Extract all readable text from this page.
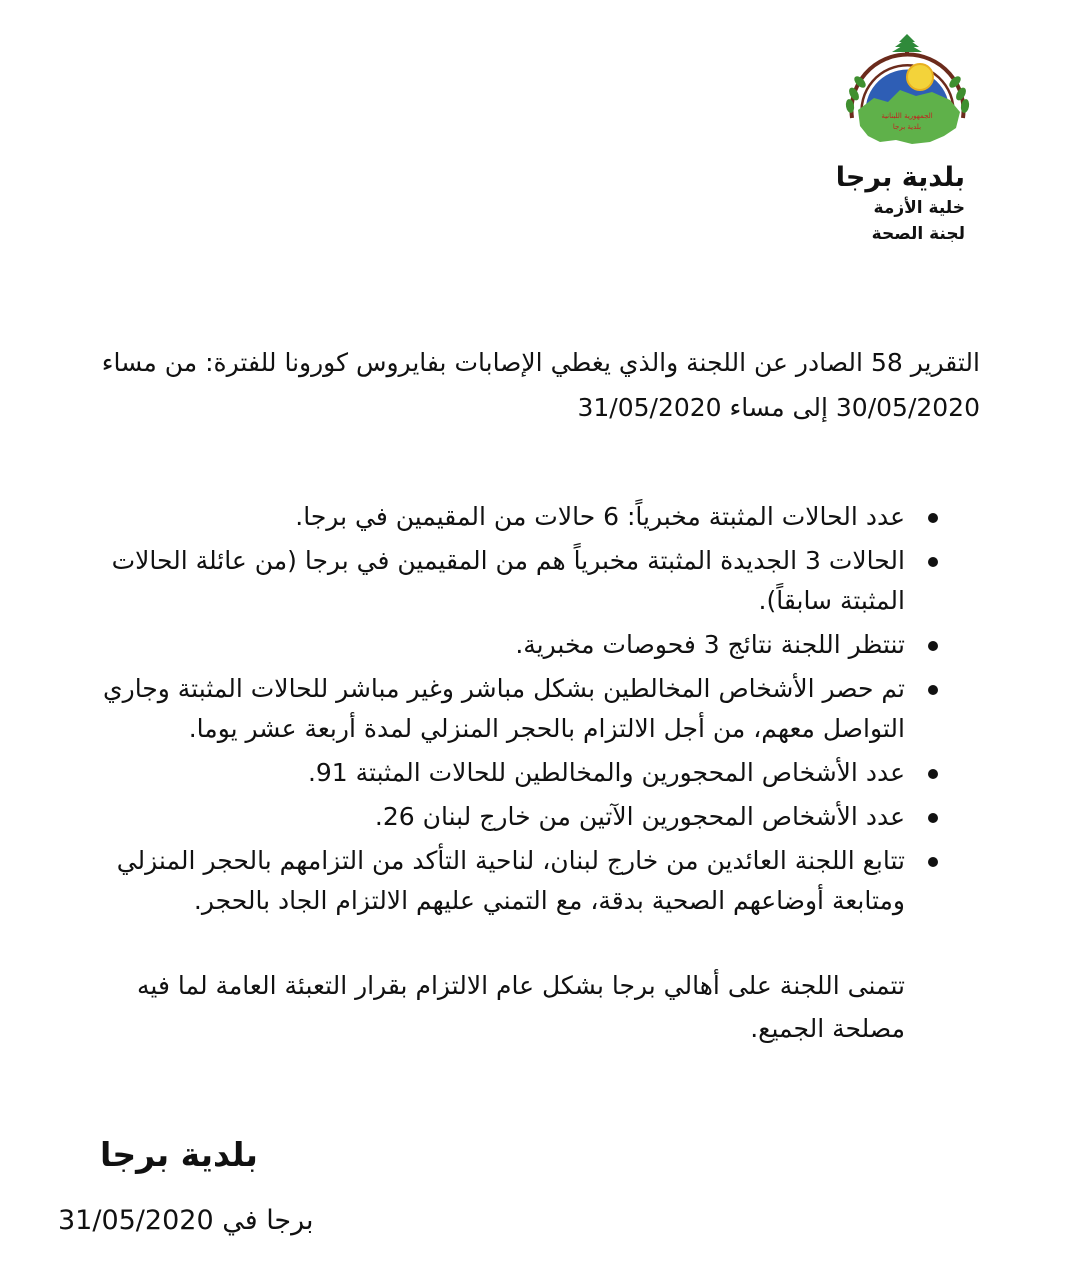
الجمهورية اللبنانية
بلدية برجا
بلدية برجا
خلية الأزمة
لجنة الصحة

التقرير 58 الصادر عن اللجنة والذي يغطي الإصابات بفايروس كورونا للفترة: من مساء 30/05/2020 إلى مساء 31/05/2020

عدد الحالات المثبتة مخبرياً: 6 حالات من المقيمين في برجا.
الحالات 3 الجديدة المثبتة مخبرياً هم من المقيمين في برجا (من عائلة الحالات المثبتة سابقاً).
تنتظر اللجنة نتائج 3 فحوصات مخبرية.
تم حصر الأشخاص المخالطين بشكل مباشر وغير مباشر للحالات المثبتة وجاري التواصل معهم، من أجل الالتزام بالحجر المنزلي لمدة أربعة عشر يوما.
عدد الأشخاص المحجورين والمخالطين للحالات المثبتة 91.
عدد الأشخاص المحجورين الآتين من خارج لبنان 26.
تتابع اللجنة العائدين من خارج لبنان، لناحية التأكد من التزامهم بالحجر المنزلي ومتابعة أوضاعهم الصحية بدقة، مع التمني عليهم الالتزام الجاد بالحجر.

تتمنى اللجنة على أهالي برجا بشكل عام الالتزام بقرار التعبئة العامة لما فيه مصلحة الجميع.

بلدية برجا
برجا في 31/05/2020
